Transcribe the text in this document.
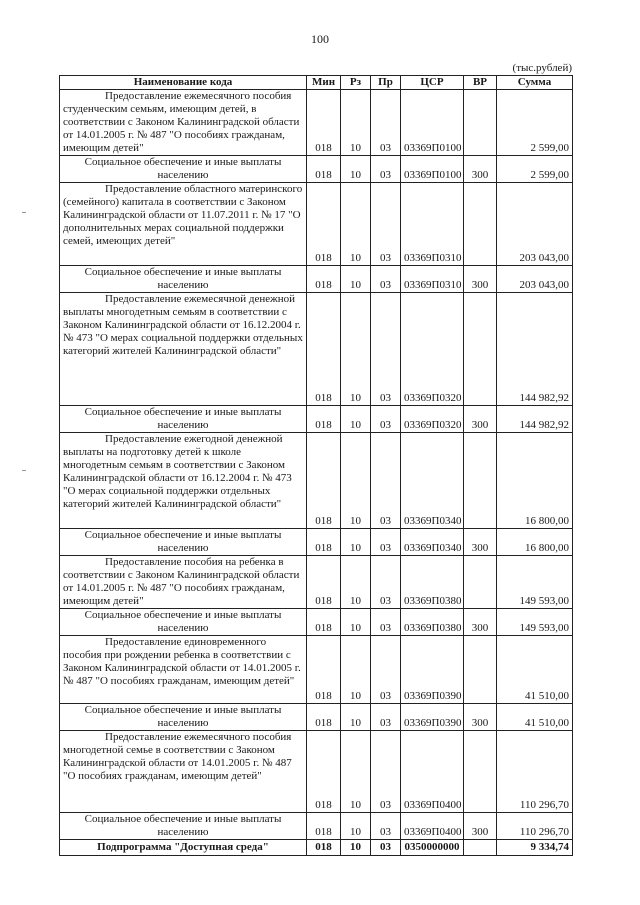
100
(тыс.рублей)
Наименование кода	Мин	Рз	Пр	ЦСР	ВР	Сумма
Предоставление ежемесячного пособия студенческим семьям, имеющим детей, в соответствии с Законом Калининградской области от 14.01.2005 г. № 487 "О пособиях гражданам, имеющим детей"	018	10	03	03369П0100		2 599,00
Социальное обеспечение и иные выплаты населению	018	10	03	03369П0100	300	2 599,00
Предоставление областного материнского (семейного) капитала в соответствии с Законом Калининградской области от 11.07.2011 г. № 17 "О дополнительных мерах социальной поддержки семей, имеющих детей"	018	10	03	03369П0310		203 043,00
Социальное обеспечение и иные выплаты населению	018	10	03	03369П0310	300	203 043,00
Предоставление ежемесячной денежной выплаты многодетным семьям в соответствии с Законом Калининградской области от 16.12.2004 г. № 473 "О мерах социальной поддержки отдельных категорий жителей Калининградской области"	018	10	03	03369П0320		144 982,92
Социальное обеспечение и иные выплаты населению	018	10	03	03369П0320	300	144 982,92
Предоставление ежегодной денежной выплаты на подготовку детей к школе многодетным семьям в соответствии с Законом Калининградской области от 16.12.2004 г. № 473 "О мерах социальной поддержки отдельных категорий жителей Калининградской области"	018	10	03	03369П0340		16 800,00
Социальное обеспечение и иные выплаты населению	018	10	03	03369П0340	300	16 800,00
Предоставление пособия на ребенка в соответствии с Законом Калининградской области от 14.01.2005 г. № 487 "О пособиях гражданам, имеющим детей"	018	10	03	03369П0380		149 593,00
Социальное обеспечение и иные выплаты населению	018	10	03	03369П0380	300	149 593,00
Предоставление единовременного пособия при рождении ребенка в соответствии с Законом Калининградской области от 14.01.2005 г. № 487 "О пособиях гражданам, имеющим детей"	018	10	03	03369П0390		41 510,00
Социальное обеспечение и иные выплаты населению	018	10	03	03369П0390	300	41 510,00
Предоставление ежемесячного пособия многодетной семье в соответствии с Законом Калининградской области от 14.01.2005 г. № 487 "О пособиях гражданам, имеющим детей"	018	10	03	03369П0400		110 296,70
Социальное обеспечение и иные выплаты населению	018	10	03	03369П0400	300	110 296,70
Подпрограмма "Доступная среда"	018	10	03	0350000000		9 334,74
